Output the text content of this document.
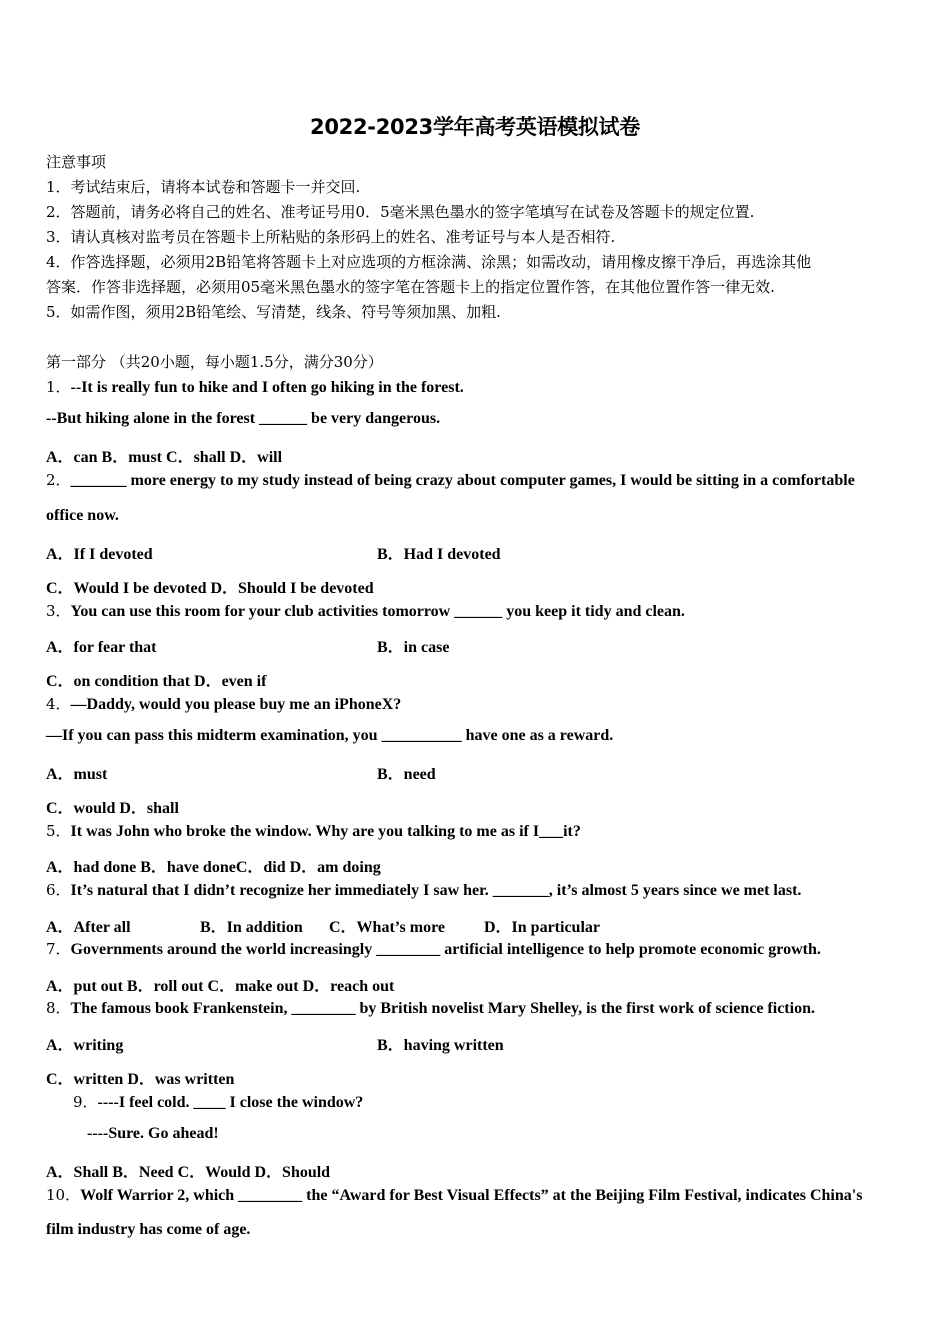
2022-2023学年高考英语模拟试卷
注意事项
1．考试结束后，请将本试卷和答题卡一并交回.
2．答题前，请务必将自己的姓名、准考证号用0．5毫米黑色墨水的签字笔填写在试卷及答题卡的规定位置.
3．请认真核对监考员在答题卡上所粘贴的条形码上的姓名、准考证号与本人是否相符.
4．作答选择题，必须用2B铅笔将答题卡上对应选项的方框涂满、涂黑；如需改动，请用橡皮擦干净后，再选涂其他
答案．作答非选择题，必须用05毫米黑色墨水的签字笔在答题卡上的指定位置作答，在其他位置作答一律无效.
5．如需作图，须用2B铅笔绘、写清楚，线条、符号等须加黑、加粗.
第一部分 （共20小题，每小题1.5分，满分30分）
1．--It is really fun to hike and I often go hiking in the forest.
--But hiking alone in the forest ______ be very dangerous.
A．can B．must C．shall D．will
2．_______ more energy to my study instead of being crazy about computer games, I would be sitting in a comfortable
office now.
A．If I devoted	B．Had I devoted
C．Would I be devoted D．Should I be devoted
3．You can use this room for your club activities tomorrow ______ you keep it tidy and clean.
A．for fear that	B．in case
C．on condition that D．even if
4．—Daddy, would you please buy me an iPhoneX?
—If you can pass this midterm examination, you __________ have one as a reward.
A．must	B．need
C．would D．shall
5．It was John who broke the window. Why are you talking to me as if I___it?
A．had done B．have doneC．did D．am doing
6．It’s natural that I didn’t recognize her immediately I saw her. _______, it’s almost 5 years since we met last.
A．After all	B．In addition C．What’s more D．In particular
7．Governments around the world increasingly ________ artificial intelligence to help promote economic growth.
A．put out B．roll out C．make out D．reach out
8．The famous book Frankenstein, ________ by British novelist Mary Shelley, is the first work of science fiction.
A．writing	B．having written
C．written D．was written
9．----I feel cold. ____ I close the window?
----Sure. Go ahead!
A．Shall B．Need C．Would D．Should
10．Wolf Warrior 2, which ________ the “Award for Best Visual Effects” at the Beijing Film Festival, indicates China's
film industry has come of age.
